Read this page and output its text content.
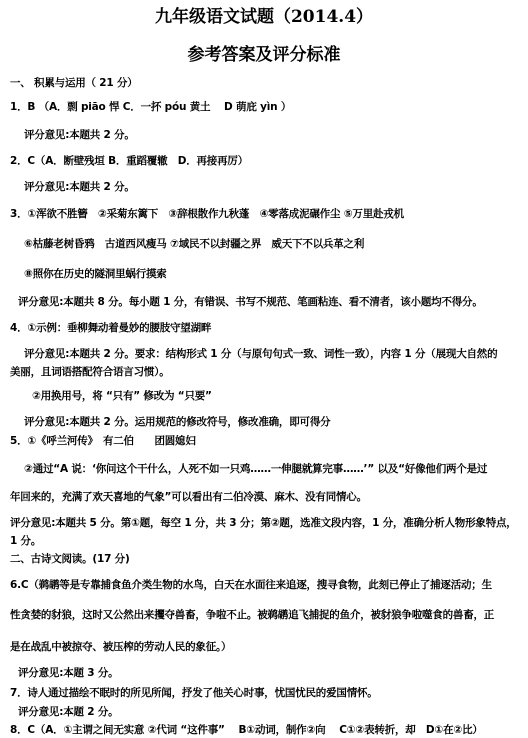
九年级语文试题（2014.4）
参考答案及评分标准
一、 积累与运用（ 21 分）
1．B （A．剽 piāo 悍 C．一抔 póu 黄土　 D 萌庇 yìn ）
评分意见:本题共 2 分。
2．C（A．断壁残垣 B．重蹈覆辙　D．再接再厉）
评分意见:本题共 2 分。
3．①浑欲不胜簪　②采菊东篱下　③辞根散作九秋蓬　④零落成泥碾作尘 ⑤万里赴戎机
⑥枯藤老树昏鸦　古道西风瘦马 ⑦域民不以封疆之界　威天下不以兵革之利
⑧照你在历史的隧洞里蜗行摸索
评分意见:本题共 8 分。每小题 1 分，有错误、书写不规范、笔画粘连、看不清者，该小题均不得分。
4．①示例：垂柳舞动着曼妙的腰肢守望湖畔
评分意见:本题共 2 分。要求：结构形式 1 分（与原句句式一致、词性一致），内容 1 分（展现大自然的
美丽，且词语搭配符合语言习惯）。
②用换用号，将 “只有” 修改为 “只要”
评分意见:本题共 2 分。运用规范的修改符号，修改准确，即可得分
5．①《呼兰河传》　有二伯　　团圆媳妇
②通过“A 说：‘你问这个干什么，人死不如一只鸡……一伸腿就算完事……’” 以及“好像他们两个是过
年回来的，充满了欢天喜地的气象”可以看出有二伯冷漠、麻木、没有同情心。
评分意见:本题共 5 分。第①题，每空 1 分，共 3 分；第②题，选准文段内容，1 分，准确分析人物形象特点，
1 分。
二、古诗文阅读。(17 分)
6.C（鹈鹕等是专靠捕食鱼介类生物的水鸟，白天在水面往来追逐，搜寻食物，此刻已停止了捕逐活动；生
性贪婪的豺狼，这时又公然出来攫夺兽畜，争啦不止。被鹈鹕追飞捕捉的鱼介，被豺狼争啦噬食的兽畜，正
是在战乱中被掠夺、被压榨的劳动人民的象征。）
评分意见:本题 3 分。
7．诗人通过描绘不眠时的所见所闻，抒发了他关心时事，忧国忧民的爱国情怀。
评分意见:本题 2 分。
8．C（A．①主谓之间无实意 ②代词 “这件事”　 B①动词，制作②向　 C①②表转折，却　D①在②比）
